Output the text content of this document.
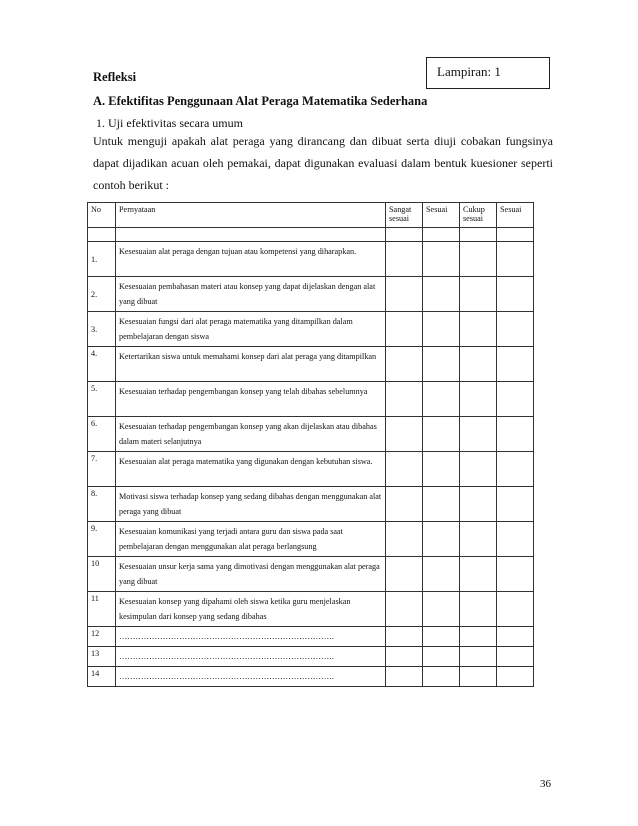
Lampiran: 1
Refleksi
A. Efektifitas Penggunaan Alat Peraga Matematika Sederhana
1. Uji efektivitas secara umum
Untuk menguji apakah alat peraga yang dirancang dan dibuat serta diuji cobakan fungsinya dapat dijadikan acuan oleh pemakai, dapat digunakan evaluasi dalam bentuk kuesioner seperti contoh berikut :
No	Pernyataan	Sangat sesuai	Sesuai	Cukup sesuai	Sesuai

1.	Kesesuaian alat peraga dengan tujuan atau kompetensi yang diharapkan.				
2.	Kesesuaian pembahasan materi atau konsep yang dapat dijelaskan dengan alat yang dibuat				
3.	Kesesuaian fungsi dari alat peraga matematika yang ditampilkan dalam pembelajaran dengan siswa				
4.	Ketertarikan siswa untuk memahami konsep dari alat peraga yang ditampilkan				
5.	Kesesuaian terhadap pengembangan konsep yang telah dibahas sebelumnya				
6.	Kesesuaian terhadap pengembangan konsep yang akan dijelaskan atau dibahas dalam materi selanjutnya				
7.	Kesesuaian alat peraga matematika yang digunakan dengan kebutuhan siswa.				
8.	Motivasi siswa terhadap konsep yang sedang dibahas dengan menggunakan alat peraga yang dibuat				
9.	Kesesuaian komunikasi yang terjadi antara guru dan siswa pada saat pembelajaran dengan menggunakan alat peraga berlangsung				
10	Kesesuaian unsur kerja sama yang dimotivasi dengan menggunakan alat peraga yang dibuat				
11	Kesesuaian konsep yang dipahami oleh siswa ketika guru menjelaskan kesimpulan dari konsep yang sedang dibahas				
12	…………………………………………………………………….				
13	…………………………………………………………………….				
14	…………………………………………………………………….				
36
